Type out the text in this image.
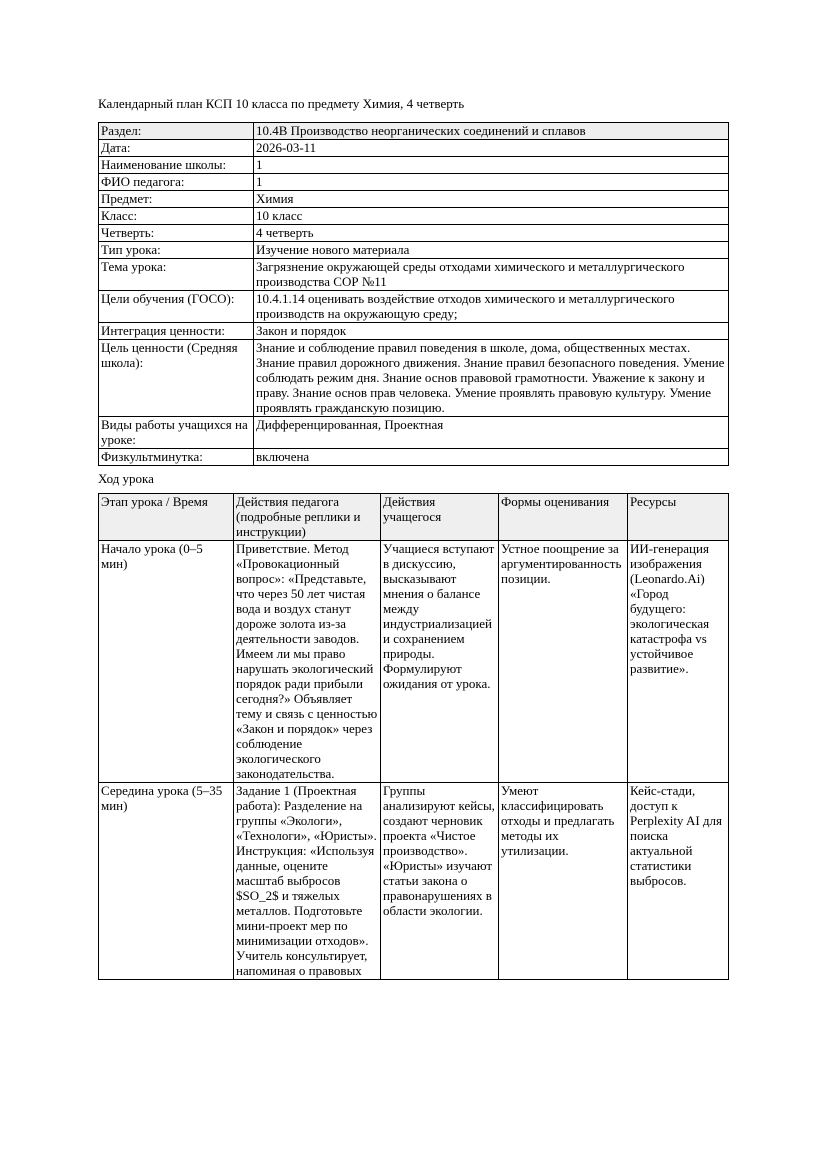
Календарный план КСП 10 класса по предмету Химия, 4 четверть

Раздел:	10.4B Производство неорганических соединений и сплавов
Дата:	2026-03-11
Наименование школы:	1
ФИО педагога:	1
Предмет:	Химия
Класс:	10 класс
Четверть:	4 четверть
Тип урока:	Изучение нового материала
Тема урока:	Загрязнение окружающей среды отходами химического и металлургического производства СОР №11
Цели обучения (ГОСО):	10.4.1.14 оценивать воздействие отходов химического и металлургического производств на окружающую среду;
Интеграция ценности:	Закон и порядок
Цель ценности (Средняя школа):	Знание и соблюдение правил поведения в школе, дома, общественных местах. Знание правил дорожного движения. Знание правил безопасного поведения. Умение соблюдать режим дня. Знание основ правовой грамотности. Уважение к закону и праву. Знание основ прав человека. Умение проявлять правовую культуру. Умение проявлять гражданскую позицию.
Виды работы учащихся на уроке:	Дифференцированная, Проектная
Физкультминутка:	включена

Ход урока

Этап урока / Время	Действия педагога (подробные реплики и инструкции)	Действия учащегося	Формы оценивания	Ресурсы
Начало урока (0–5 мин)	Приветствие. Метод «Провокационный вопрос»: «Представьте, что через 50 лет чистая вода и воздух станут дороже золота из-за деятельности заводов. Имеем ли мы право нарушать экологический порядок ради прибыли сегодня?» Объявляет тему и связь с ценностью «Закон и порядок» через соблюдение экологического законодательства.	Учащиеся вступают в дискуссию, высказывают мнения о балансе между индустриализацией и сохранением природы. Формулируют ожидания от урока.	Устное поощрение за аргументированность позиции.	ИИ-генерация изображения (Leonardo.Ai) «Город будущего: экологическая катастрофа vs устойчивое развитие».
Середина урока (5–35 мин)	Задание 1 (Проектная работа): Разделение на группы «Экологи», «Технологи», «Юристы». Инструкция: «Используя данные, оцените масштаб выбросов $SO_2$ и тяжелых металлов. Подготовьте мини-проект мер по минимизации отходов». Учитель консультирует, напоминая о правовых	Группы анализируют кейсы, создают черновик проекта «Чистое производство». «Юристы» изучают статьи закона о правонарушениях в области экологии.	Умеют классифицировать отходы и предлагать методы их утилизации.	Кейс-стади, доступ к Perplexity AI для поиска актуальной статистики выбросов.
